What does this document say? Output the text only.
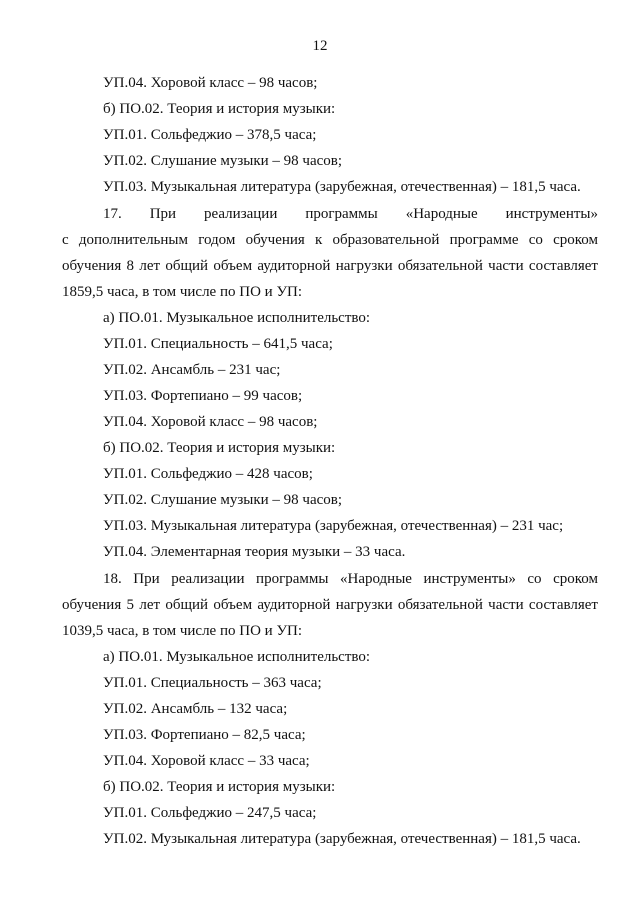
12
УП.04. Хоровой класс – 98 часов;
б) ПО.02. Теория и история музыки:
УП.01. Сольфеджио – 378,5 часа;
УП.02. Слушание музыки – 98 часов;
УП.03. Музыкальная литература (зарубежная, отечественная) – 181,5 часа.
17. При реализации программы «Народные инструменты»
с дополнительным годом обучения к образовательной программе со сроком
обучения 8 лет общий объем аудиторной нагрузки обязательной части составляет
1859,5 часа, в том числе по ПО и УП:
а) ПО.01. Музыкальное исполнительство:
УП.01. Специальность – 641,5 часа;
УП.02. Ансамбль – 231 час;
УП.03. Фортепиано – 99 часов;
УП.04. Хоровой класс – 98 часов;
б) ПО.02. Теория и история музыки:
УП.01. Сольфеджио – 428 часов;
УП.02. Слушание музыки – 98 часов;
УП.03. Музыкальная литература (зарубежная, отечественная) – 231 час;
УП.04. Элементарная теория музыки – 33 часа.
18. При реализации программы «Народные инструменты» со сроком
обучения 5 лет общий объем аудиторной нагрузки обязательной части составляет
1039,5 часа, в том числе по ПО и УП:
а) ПО.01. Музыкальное исполнительство:
УП.01. Специальность – 363 часа;
УП.02. Ансамбль – 132 часа;
УП.03. Фортепиано – 82,5 часа;
УП.04. Хоровой класс – 33 часа;
б) ПО.02. Теория и история музыки:
УП.01. Сольфеджио – 247,5 часа;
УП.02. Музыкальная литература (зарубежная, отечественная) – 181,5 часа.
